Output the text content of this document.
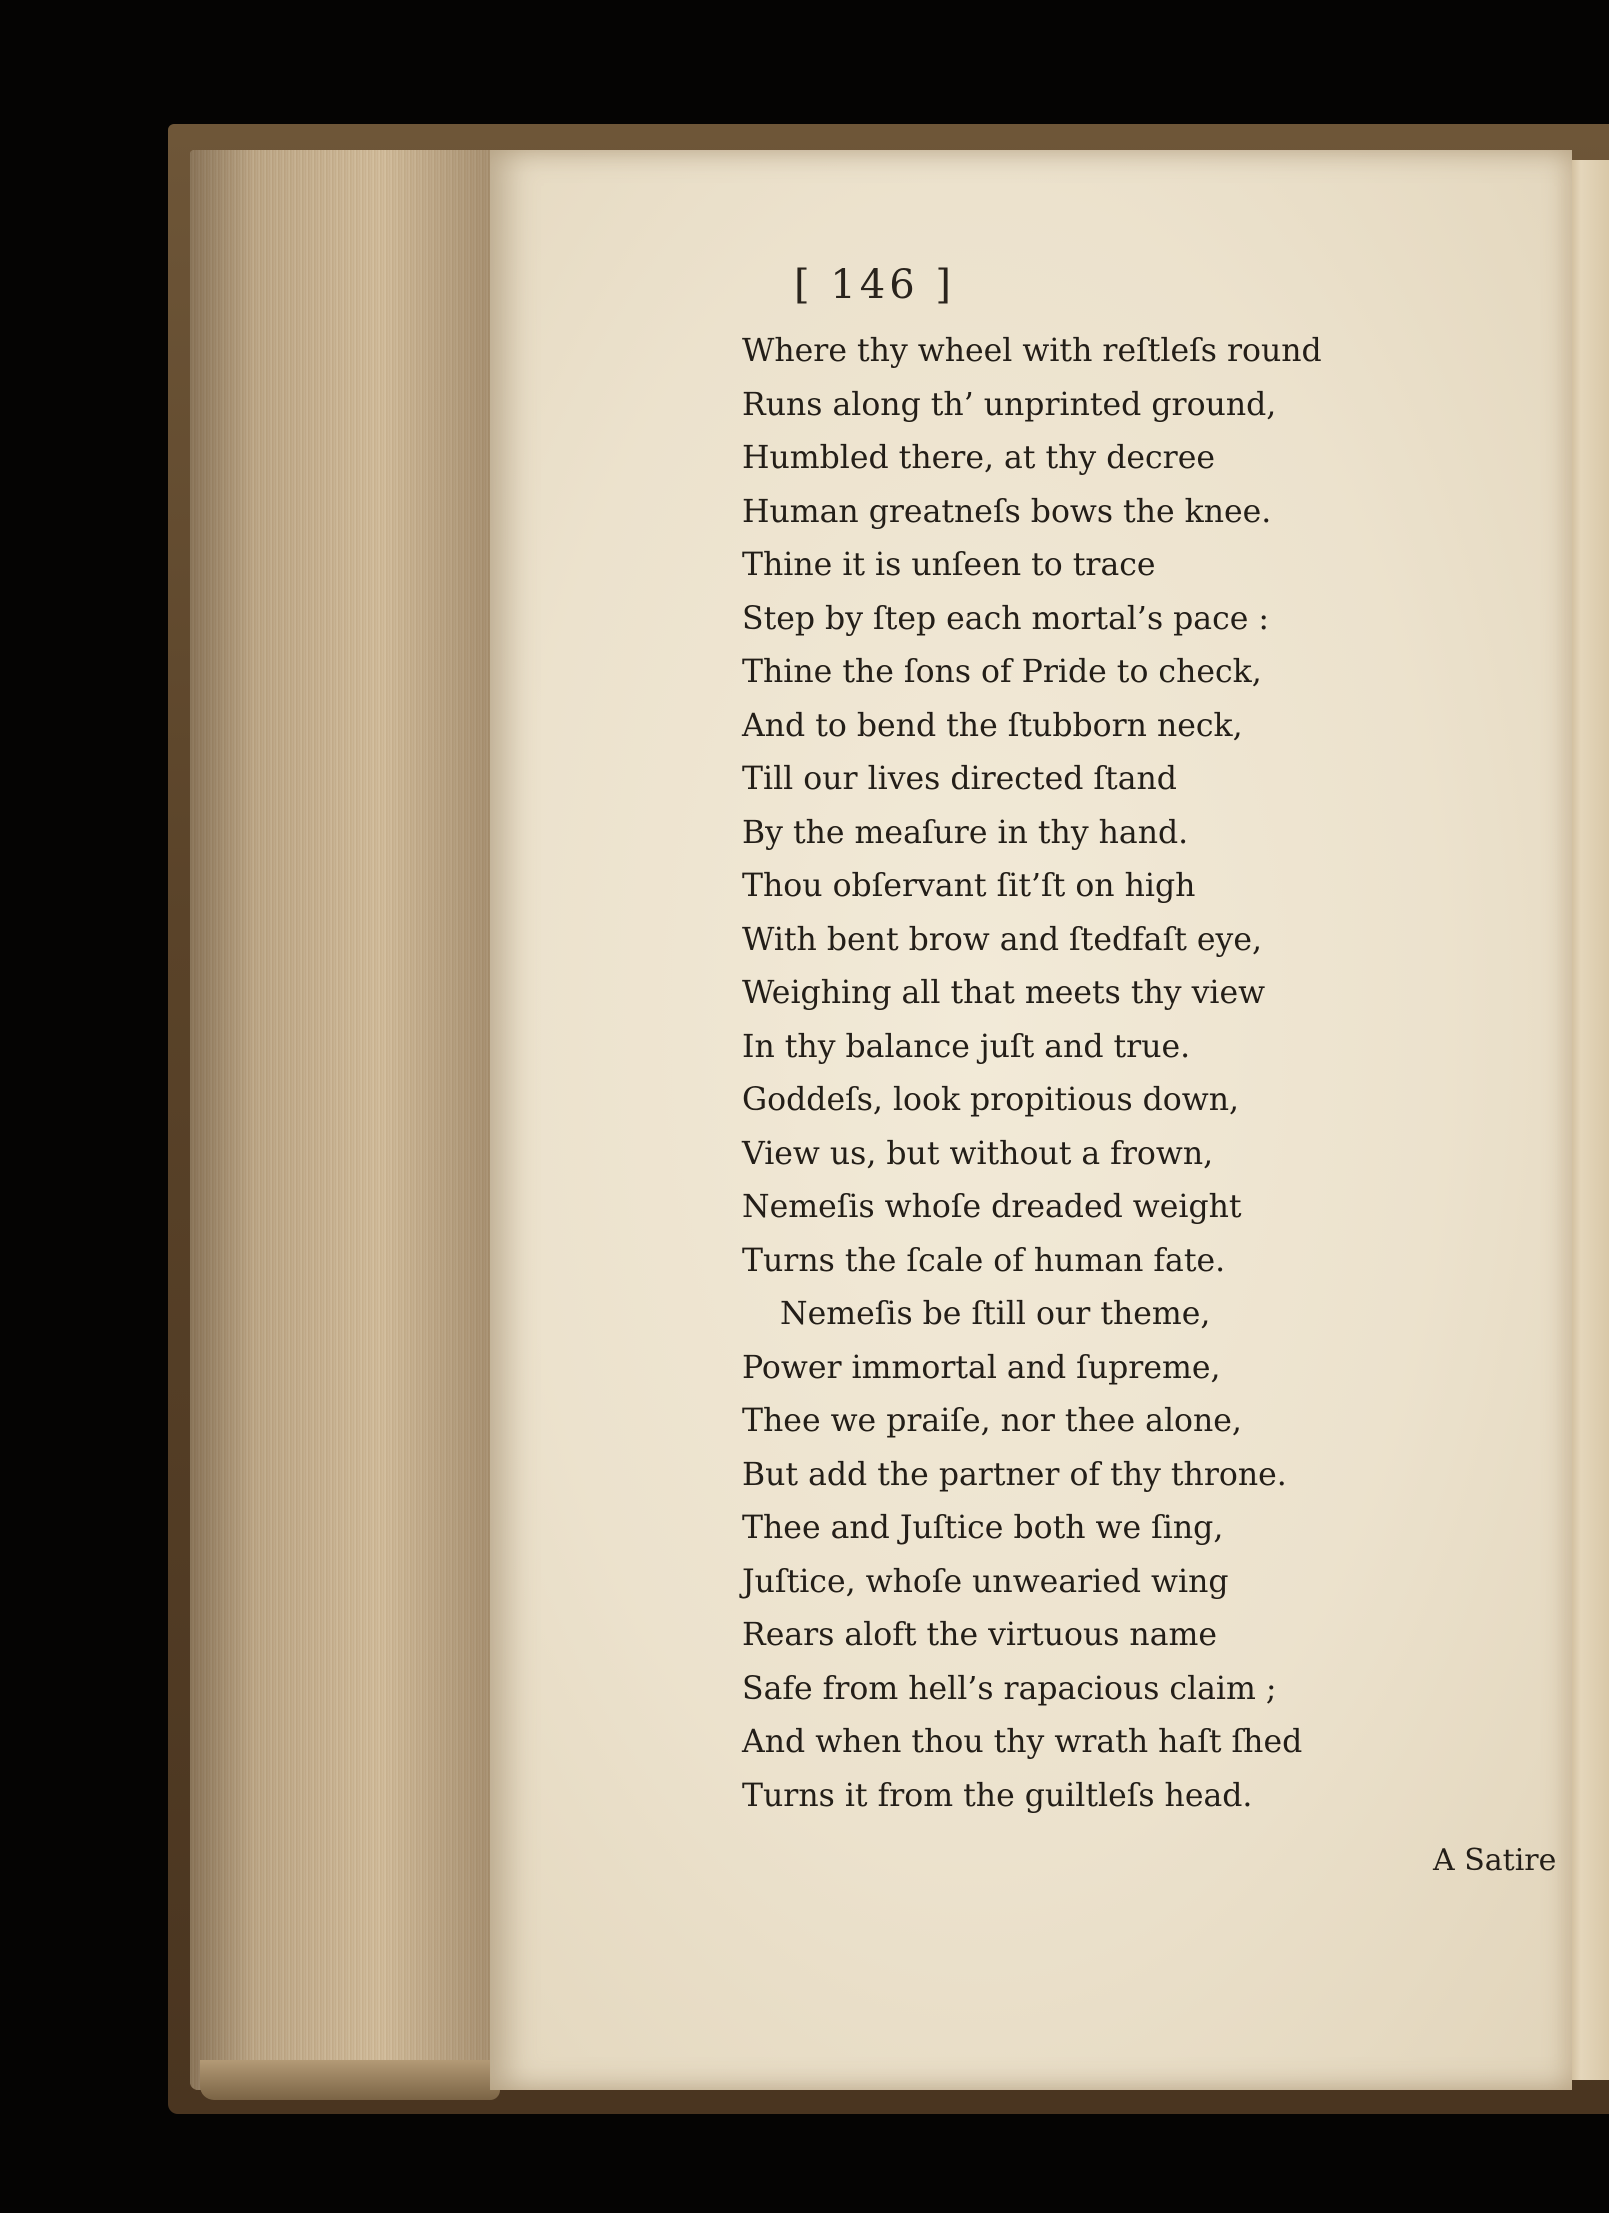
[ 146 ]
Where thy wheel with reſtleſs round
Runs along th’ unprinted ground,
Humbled there, at thy decree
Human greatneſs bows the knee.
Thine it is unſeen to trace
Step by ſtep each mortal’s pace :
Thine the ſons of Pride to check,
And to bend the ſtubborn neck,
Till our lives directed ſtand
By the meaſure in thy hand.
Thou obſervant ſit’ſt on high
With bent brow and ſtedfaſt eye,
Weighing all that meets thy view
In thy balance juſt and true.
Goddeſs, look propitious down,
View us, but without a frown,
Nemeſis whoſe dreaded weight
Turns the ſcale of human fate.
Nemeſis be ſtill our theme,
Power immortal and ſupreme,
Thee we praiſe, nor thee alone,
But add the partner of thy throne.
Thee and Juſtice both we ſing,
Juſtice, whoſe unwearied wing
Rears aloft the virtuous name
Safe from hell’s rapacious claim ;
And when thou thy wrath haſt ſhed
Turns it from the guiltleſs head.
A Satire
